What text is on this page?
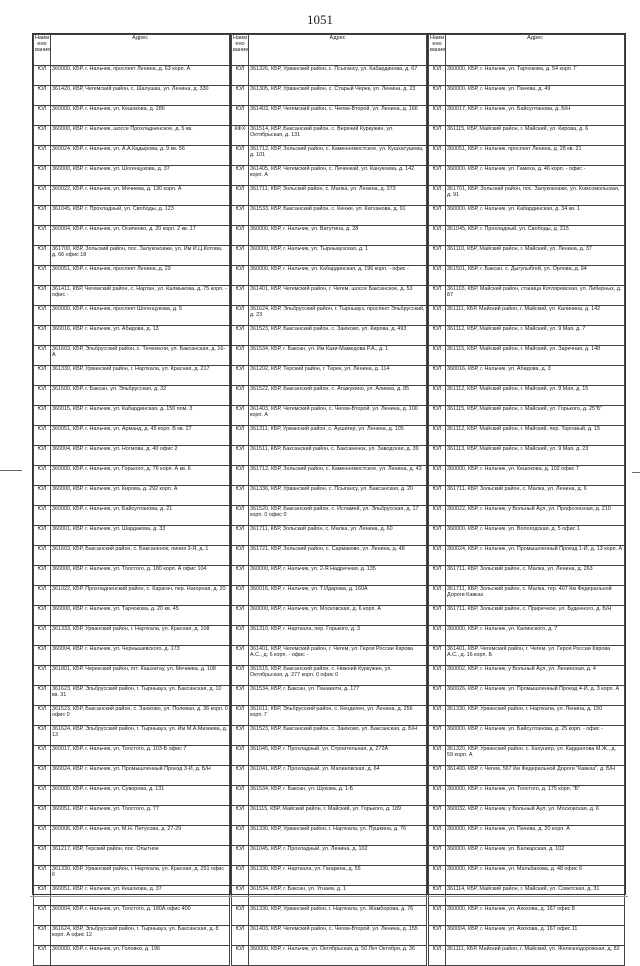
1051
Наим ено вание	Адрес
ЮЛ	360000, КБР, г. Нальчик, проспект Ленина, д. 63 корп. А
ЮЛ	361420, КБР, Чегемский район, с. Шалушка, ул. Ленина, д. 330
ЮЛ	360000, КБР, г. Нальчик, ул. Кешокова, д. 286
ЮЛ	360000, КБР, г. Нальчик, шоссе Прохладненское, д. 5 кв.
ЮЛ	360024, КБР, г. Нальчик, ул. А.А.Кадырова, д. 9 кв. 56
ЮЛ	360000, КБР, г. Нальчик, ул. Шогенцукова, д. 37
ЮЛ	360022, КБР, г. Нальчик, ул. Мечиева, д. 130 корп. А
ЮЛ	361045, КБР, г. Прохладный, ул. Свободы, д. 123
ЮЛ	360004, КБР, г. Нальчик, ул. Осипенко, д. 20 корп. 2 кв. 17
ЮЛ	361700, КБР, Зольский район, пос. Залукокоаже, ул. Им И.Ц.Котова, д. 66 офис 18
ЮЛ	360051, КБР, г. Нальчик, проспект Ленина, д. 29
ЮЛ	361411, КБР, Чегемский район, с. Нартан, ул. Калмыкова, д. 75 корп. - офис -
ЮЛ	360000, КБР, г. Нальчик, проспект Шогенцукова, д. 5
ЮЛ	360016, КБР, г. Нальчик, ул. Абидова, д. 13
ЮЛ	361603, КБР, Эльбрусский район, с. Тегенекли, ул. Баксанская, д. 16-А
ЮЛ	361330, КБР, Урванский район, г. Нарткала, ул. Красная, д. 217
ЮЛ	361500, КБР, г. Баксан, ул. Эльбрусская, д. 32
ЮЛ	360015, КБР, г. Нальчик, ул. Кабардинская, д. 150 пом. 3
ЮЛ	360051, КБР, г. Нальчик, ул. Арманд, д. 45 корп. В кв. 27
ЮЛ	360004, КБР, г. Нальчик, ул. Ногмова, д. 40 офис 2
ЮЛ	360000, КБР, г. Нальчик, ул. Горького, д. 76 корп. А кв. 6
ЮЛ	360000, КБР, г. Нальчик, ул. Кирова, д. 292 корп. А
ЮЛ	360000, КБР, г. Нальчик, ул. Байсултанова, д. 21
ЮЛ	360001, КБР, г. Нальчик, ул. Шардакова, д. 33
ЮЛ	361603, КБР, Баксанский район, с. Баксаненок, линия 3-Я, д. 1
ЮЛ	360000, КБР, г. Нальчик, ул. Толстого, д. 180 корп. А офис 104
ЮЛ	361022, КБР, Прохладненский район, с. Карагач, пер. Нагорная, д. 20
ЮЛ	360000, КБР, г. Нальчик, ул. Тарчокова, д. 20 кв. 45
ЮЛ	361333, КБР, Урванский район, г. Нарткала, ул. Красная, д. 108
ЮЛ	360004, КБР, г. Нальчик, ул. Чернышевского, д. 173
ЮЛ	361801, КБР, Черекский район, пгт. Кашхатау, ул. Мечиева, д. 108
ЮЛ	361623, КБР, Эльбрусский район, г. Тырныауз, ул. Баксанская, д. 10 кв. 31
ЮЛ	361523, КБР, Баксанский район, с. Заюково, ул. Полевая, д. 36 корп. 0 офис 0
ЮЛ	361624, КБР, Эльбрусский район, г. Тырныауз, ул. Им М.А.Мизиева, д. 13
ЮЛ	360017, КБР, г. Нальчик, ул. Толстого, д. 103-Б офис 7
ЮЛ	360024, КБР, г. Нальчик, ул. Промышленный Проезд 3-Й, д. Б/Н
ЮЛ	360000, КБР, г. Нальчик, ул. Суворова, д. 131
ЮЛ	360051, КБР, г. Нальчик, ул. Толстого, д. 77
ЮЛ	360006, КБР, г. Нальчик, ул. М.Н. Петусова, д. 27-29
ЮЛ	361217, КБР, Терский район, пос. Опытное
ЮЛ	361330, КБР, Урванский район, г. Нарткала, ул. Красная, д. 251 офис 6
ЮЛ	360051, КБР, г. Нальчик, ул. Кешокова, д. 37
ЮЛ	360004, КБР, г. Нальчик, ул. Толстого, д. 180А офис 400
ЮЛ	361624, КБР, Эльбрусский район, г. Тырныауз, ул. Баксанская, д. 8 корп. А офис 12
ЮЛ	360000, КБР, г. Нальчик, ул. Головко, д. 196
Наим ено вание	Адрес
ЮЛ	361326, КБР, Урванский район, с. Псыгансу, ул. Кабардинова, д. 67
ЮЛ	361305, КБР, Урванский район, с. Старый Черек, ул. Ленина, д. 23
ЮЛ	361403, КБР, Чегемский район, с. Чегем-Второй, ул. Ленина, д. 166
КФХ	361514, КБР, Баксанский район, с. Верхний Куркужин, ул. Октябрьская, д. 131
ЮЛ	361712, КБР, Зольский район, с. Каменномостское, ул. Кушхатушева, д. 101
ЮЛ	361405, КБР, Чегемский район, с. Лечинкай, ул. Канукоева, д. 142 корп. А
ЮЛ	361711, КБР, Зольский район, с. Малка, ул. Ленина, д. 373
ЮЛ	361533, КБР, Баксанский район, с. Кенже, ул. Катханова, д. 91
ЮЛ	360000, КБР, г. Нальчик, ул. Ватутина, д. 28
ЮЛ	360000, КБР, г. Нальчик, ул. Тырныаузская, д. 1
ЮЛ	360000, КБР, г. Нальчик, ул. Кабардинская, д. 196 корп. - офис -
ЮЛ	361401, КБР, Чегемский район, г. Чегем, шоссе Баксанское, д. 53
ЮЛ	361624, КБР, Эльбрусский район, г. Тырныауз, проспект Эльбрусский, д. 23
ЮЛ	361523, КБР, Баксанский район, с. Заюково, ул. Кирова, д. 493
ЮЛ	361534, КБР, г. Баксан, ул. Им Кази-Мамедова Р.А., д. 1
ЮЛ	361202, КБР, Терский район, г. Терек, ул. Ленина, д. 114
ЮЛ	361522, КБР, Баксанский район, с. Атажукино, ул. Алиева, д. 85
ЮЛ	361403, КБР, Чегемский район, с. Чегем-Второй, ул. Ленина, д. 100 корп. А
ЮЛ	361311, КБР, Урванский район, с. Аушигер, ул. Ленина, д. 105
ЮЛ	361511, КБР, Баксанский район, с. Баксаненок, ул. Заводская, д. 39
ЮЛ	361712, КБР, Зольский район, с. Каменномостское, ул. Ленина, д. 43
ЮЛ	361336, КБР, Урванский район, с. Псыгансу, ул. Баксанская, д. 20
ЮЛ	361520, КБР, Баксанский район, с. Исламей, ул. Эльбрусская, д. 17 корп. 0 офис 0
ЮЛ	361711, КБР, Зольский район, с. Малка, ул. Ленина, д. 60
ЮЛ	361721, КБР, Зольский район, с. Сармаково, ул. Ленина, д. 48
ЮЛ	360000, КБР, г. Нальчик, ул. 2-Я Надречная, д. 135
ЮЛ	360016, КБР, г. Нальчик, ул. Т.Идарова, д. 160А
ЮЛ	360000, КБР, г. Нальчик, ул. Московская, д. 6 корп. А
ЮЛ	361310, КБР, г. Нарткала, пер. Горького, д. 3
ЮЛ	361401, КБР, Чегемский район, г. Чегем, ул. Героя России Кярова А.С., д. 6 корп. - офис -
ЮЛ	361515, КБР, Баксанский район, с. Нижний Куркужин, ул. Октябрьская, д. 277 корп. 0 офис 0
ЮЛ	361534, КБР, г. Баксан, ул. Панаиоти, д. 177
ЮЛ	361611, КБР, Эльбрусский район, с. Кенделен, ул. Ленина, д. 256 корп. Г
ЮЛ	361523, КБР, Баксанский район, с. Заюково, ул. Баксанская, д. Б/Н
ЮЛ	361045, КБР, г. Прохладный, ул. Строительная, д. 272А
ЮЛ	361041, КБР, г. Прохладный, ул. Малиновская, д. 64
ЮЛ	361534, КБР, г. Баксан, ул. Шукова, д. 1-Б
ЮЛ	361115, КБР, Майский район, г. Майский, ул. Горького, д. 189
ЮЛ	361330, КБР, Урванский район, г. Нарткала, ул. Пушкина, д. 76
ЮЛ	361045, КБР, г. Прохладный, ул. Ленина, д. 102
ЮЛ	361330, КБР, г. Нарткала, ул. Гагарина, д. 55
ЮЛ	361534, КБР, г. Баксан, ул. Угнаев, д. 1
ЮЛ	361330, КБР, Урванский район, г. Нарткала, ул. Жамборова, д. 76
ЮЛ	361403, КБР, Чегемский район, с. Чегем-Второй, ул. Ленина, д. 155
ЮЛ	360000, КБР, г. Нальчик, ул. Октябрьская, д. 50 Лет Октября, д. 36
Наим ено вание	Адрес
ЮЛ	360000, КБР, г. Нальчик, ул. Тарчокова, д. 54 корп. Г
ЮЛ	360000, КБР, г. Нальчик, ул. Пачева, д. 49
ЮЛ	360017, КБР, г. Нальчик, ул. Байсултанова, д. Б/Н
ЮЛ	361115, КБР, Майский район, г. Майский, ул. Кирова, д. 6
ЮЛ	360051, КБР, г. Нальчик, проспект Ленина, д. 28 кв. 21
ЮЛ	360000, КБР, г. Нальчик, ул. Гамеха, д. 46 корп. - офис -
ЮЛ	361701, КБР, Зольский район, пос. Залукокоаже, ул. Комсомольская, д. 91
ЮЛ	360000, КБР, г. Нальчик, ул. Кабардинская, д. 34 кв. 1
ЮЛ	361045, КБР, г. Прохладный, ул. Свободы, д. 315
ЮЛ	361110, КБР, Майский район, г. Майский, ул. Ленина, д. 37
ЮЛ	361501, КБР, г. Баксан, с. Дыгулыбгей, ул. Орлова, д. 94
ЮЛ	361103, КБР, Майский район, станица Котляревская, ул. Либерных, д. 87
ЮЛ	361111, КБР, Майский район, г. Майский, ул. Калинина, д. 142
ЮЛ	361112, КБР, Майский район, г. Майский, ул. 9 Мая, д. 7
ЮЛ	361115, КБР, Майский район, г. Майский, ул. Заречная, д. 148
ЮЛ	360016, КБР, г. Нальчик, ул. Абидова, д. 3
ЮЛ	361112, КБР, Майский район, г. Майский, ул. 9 Мая, д. 15
ЮЛ	361115, КБР, Майский район, г. Майский, ул. Горького, д. 25"Б"
ЮЛ	361112, КБР, Майский район, г. Майский, пер. Торговый, д. 15
ЮЛ	361113, КБР, Майский район, г. Майский, ул. 9 Мая, д. 23
ЮЛ	360000, КБР, г. Нальчик, ул. Кешокова, д. 102 офис 7
ЮЛ	361711, КБР, Зольский район, с. Малка, ул. Ленина, д. 6
ЮЛ	360022, КБР, г. Нальчик, у Вольный Аул, ул. Профсоюзная, д. 210
ЮЛ	360000, КБР, г. Нальчик, ул. Вологодская, д. 5 офис 1
ЮЛ	360024, КБР, г. Нальчик, ул. Промышленный Проезд 1-Й, д. 13 корп. А
ЮЛ	361711, КБР, Зольский район, с. Малка, ул. Ленина, д. 263
ЮЛ	361711, КБР, Зольский район, с. Малка, тер. 407 Км Федеральной Дороги Кавказ
ЮЛ	361711, КБР, Зольский район, с. Приречное, ул. Буденного, д. Б/Н
ЮЛ	360000, КБР, г. Нальчик, ул. Калинского, д. 7
ЮЛ	361401, КБР, Чегемский район, г. Чегем, ул. Героя России Кярова А.С., д. 16 корп. Б
ЮЛ	360002, КБР, г. Нальчик, у Вольный Аул, ул. Ленинская, д. 4
ЮЛ	360026, КБР, г. Нальчик, ул. Промышленный Проезд 4-Й, д. 3 корп. А
ЮЛ	361330, КБР, Урванский район, г. Нарткала, ул. Ленина, д. 150
ЮЛ	360000, КБР, г. Нальчик, ул. Байсултанова, д. 25 корп. - офис -
ЮЛ	361320, КБР, Урванский район, с. Кахунигр, ул. Кардангова М.Ж., д. 59 корп. А
ЮЛ	361400, КБР, г. Чегем, 567 Км Федеральной Дороги "Кавказ", д. Б/Н
ЮЛ	360000, КБР, г. Нальчик, ул. Толстого, д. 175 корп. "Б"
ЮЛ	360032, КБР, г. Нальчик, у Вольный Аул, ул. Московская, д. 6
ЮЛ	360000, КБР, г. Нальчик, ул. Пачева, д. 20 корп. А
ЮЛ	360000, КБР, г. Нальчик, ул. Балкарская, д. 102
ЮЛ	360000, КБР, г. Нальчик, ул. Мальбахова, д. 48 офис 6
ЮЛ	361114, КБР, Майский район, г. Майский, ул. Советская, д. 31
ЮЛ	360000, КБР, г. Нальчик, ул. Ахохова, д. 167 офис 8
ЮЛ	360004, КБР, г. Нальчик, ул. Ахохова, д. 167 офис 11
ЮЛ	361111, КБР, Майский район, г. Майский, ул. Железнодорожная, д. 82
